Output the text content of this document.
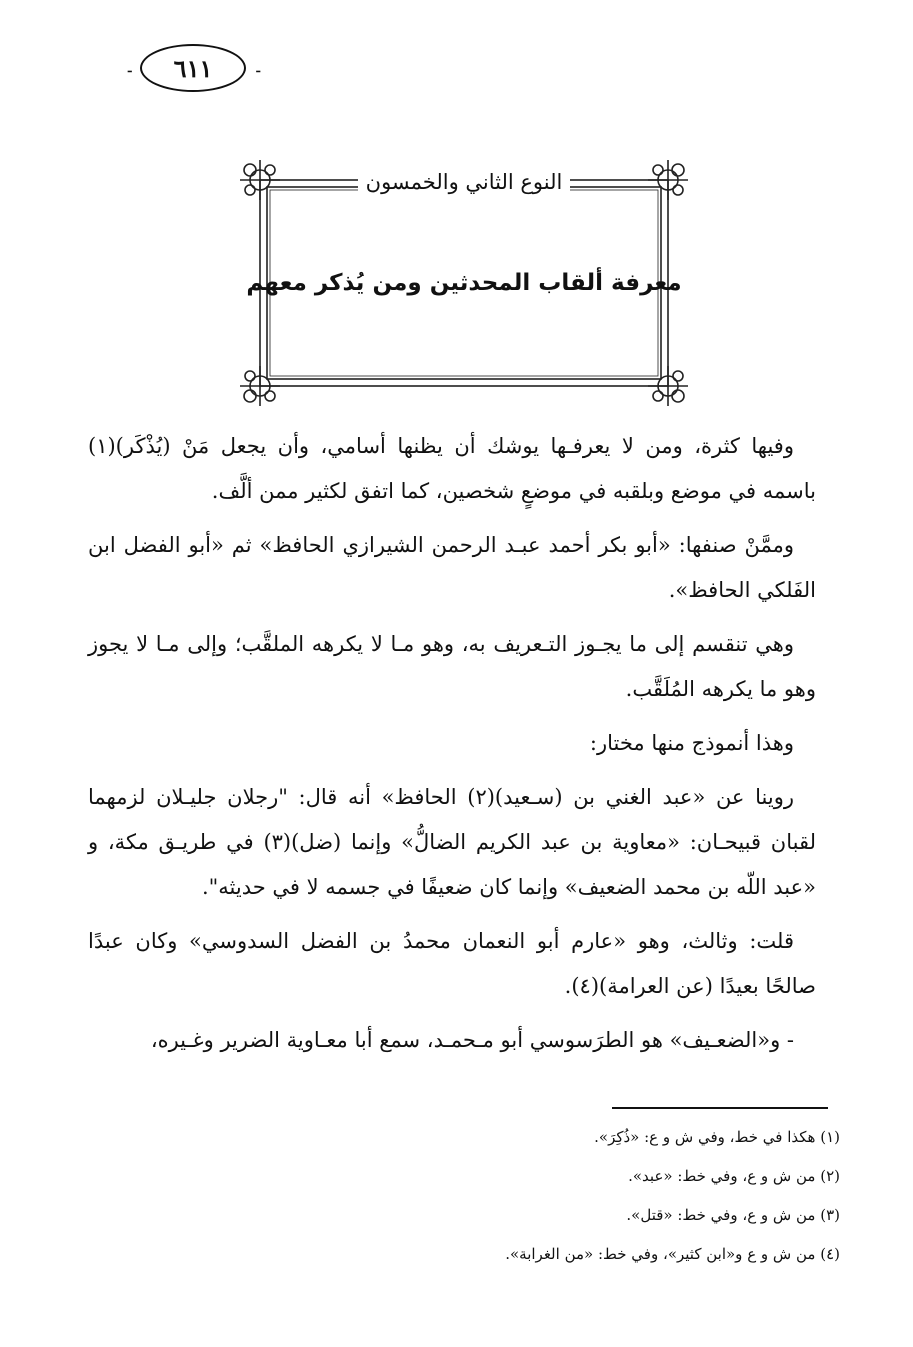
ـ ٦١١	ـ
النوع الثاني والخمسون
معرفة ألقاب المحدثين ومن يُذكر معهم

وفيها كثرة، ومن لا يعرفـها يوشك أن يظنها أسامي، وأن يجعل مَنْ (يُذْكَر)(١) باسمه في موضع وبلقبه في موضعٍ شخصين، كما اتفق لكثير ممن ألَّف.

وممَّنْ صنفها: «أبو بكر أحمد عبـد الرحمن الشيرازي الحافظ» ثم «أبو الفضل ابن الفَلكي الحافظ».

وهي تنقسم إلى ما يجـوز التـعريف به، وهو مـا لا يكرهه الملقَّب؛ وإلى مـا لا يجوز وهو ما يكرهه المُلَقَّب.

وهذا أنموذج منها مختار:

روينا عن «عبد الغني بن (سـعيد)(٢) الحافظ» أنه قال: "رجلان جليـلان لزمهما لقبان قبيحـان: «معاوية بن عبد الكريم الضالُّ» وإنما (ضل)(٣) في طريـق مكة، و «عبد اللّه بن محمد الضعيف» وإنما كان ضعيفًا في جسمه لا في حديثه".

قلت: وثالث، وهو «عارم أبو النعمان محمدُ بن الفضل السدوسي» وكان عبدًا صالحًا بعيدًا (عن العرامة)(٤).

- و«الضعـيف» هو الطرَسوسي أبو مـحمـد، سمع أبا معـاوية الضرير وغـيره،

(١) هكذا في خط، وفي ش و ع: «ذُكِرَ».
(٢) من ش و ع، وفي خط: «عبد».
(٣) من ش و ع، وفي خط: «قتل».
(٤) من ش و ع و«ابن كثير»، وفي خط: «من الغرابة».
